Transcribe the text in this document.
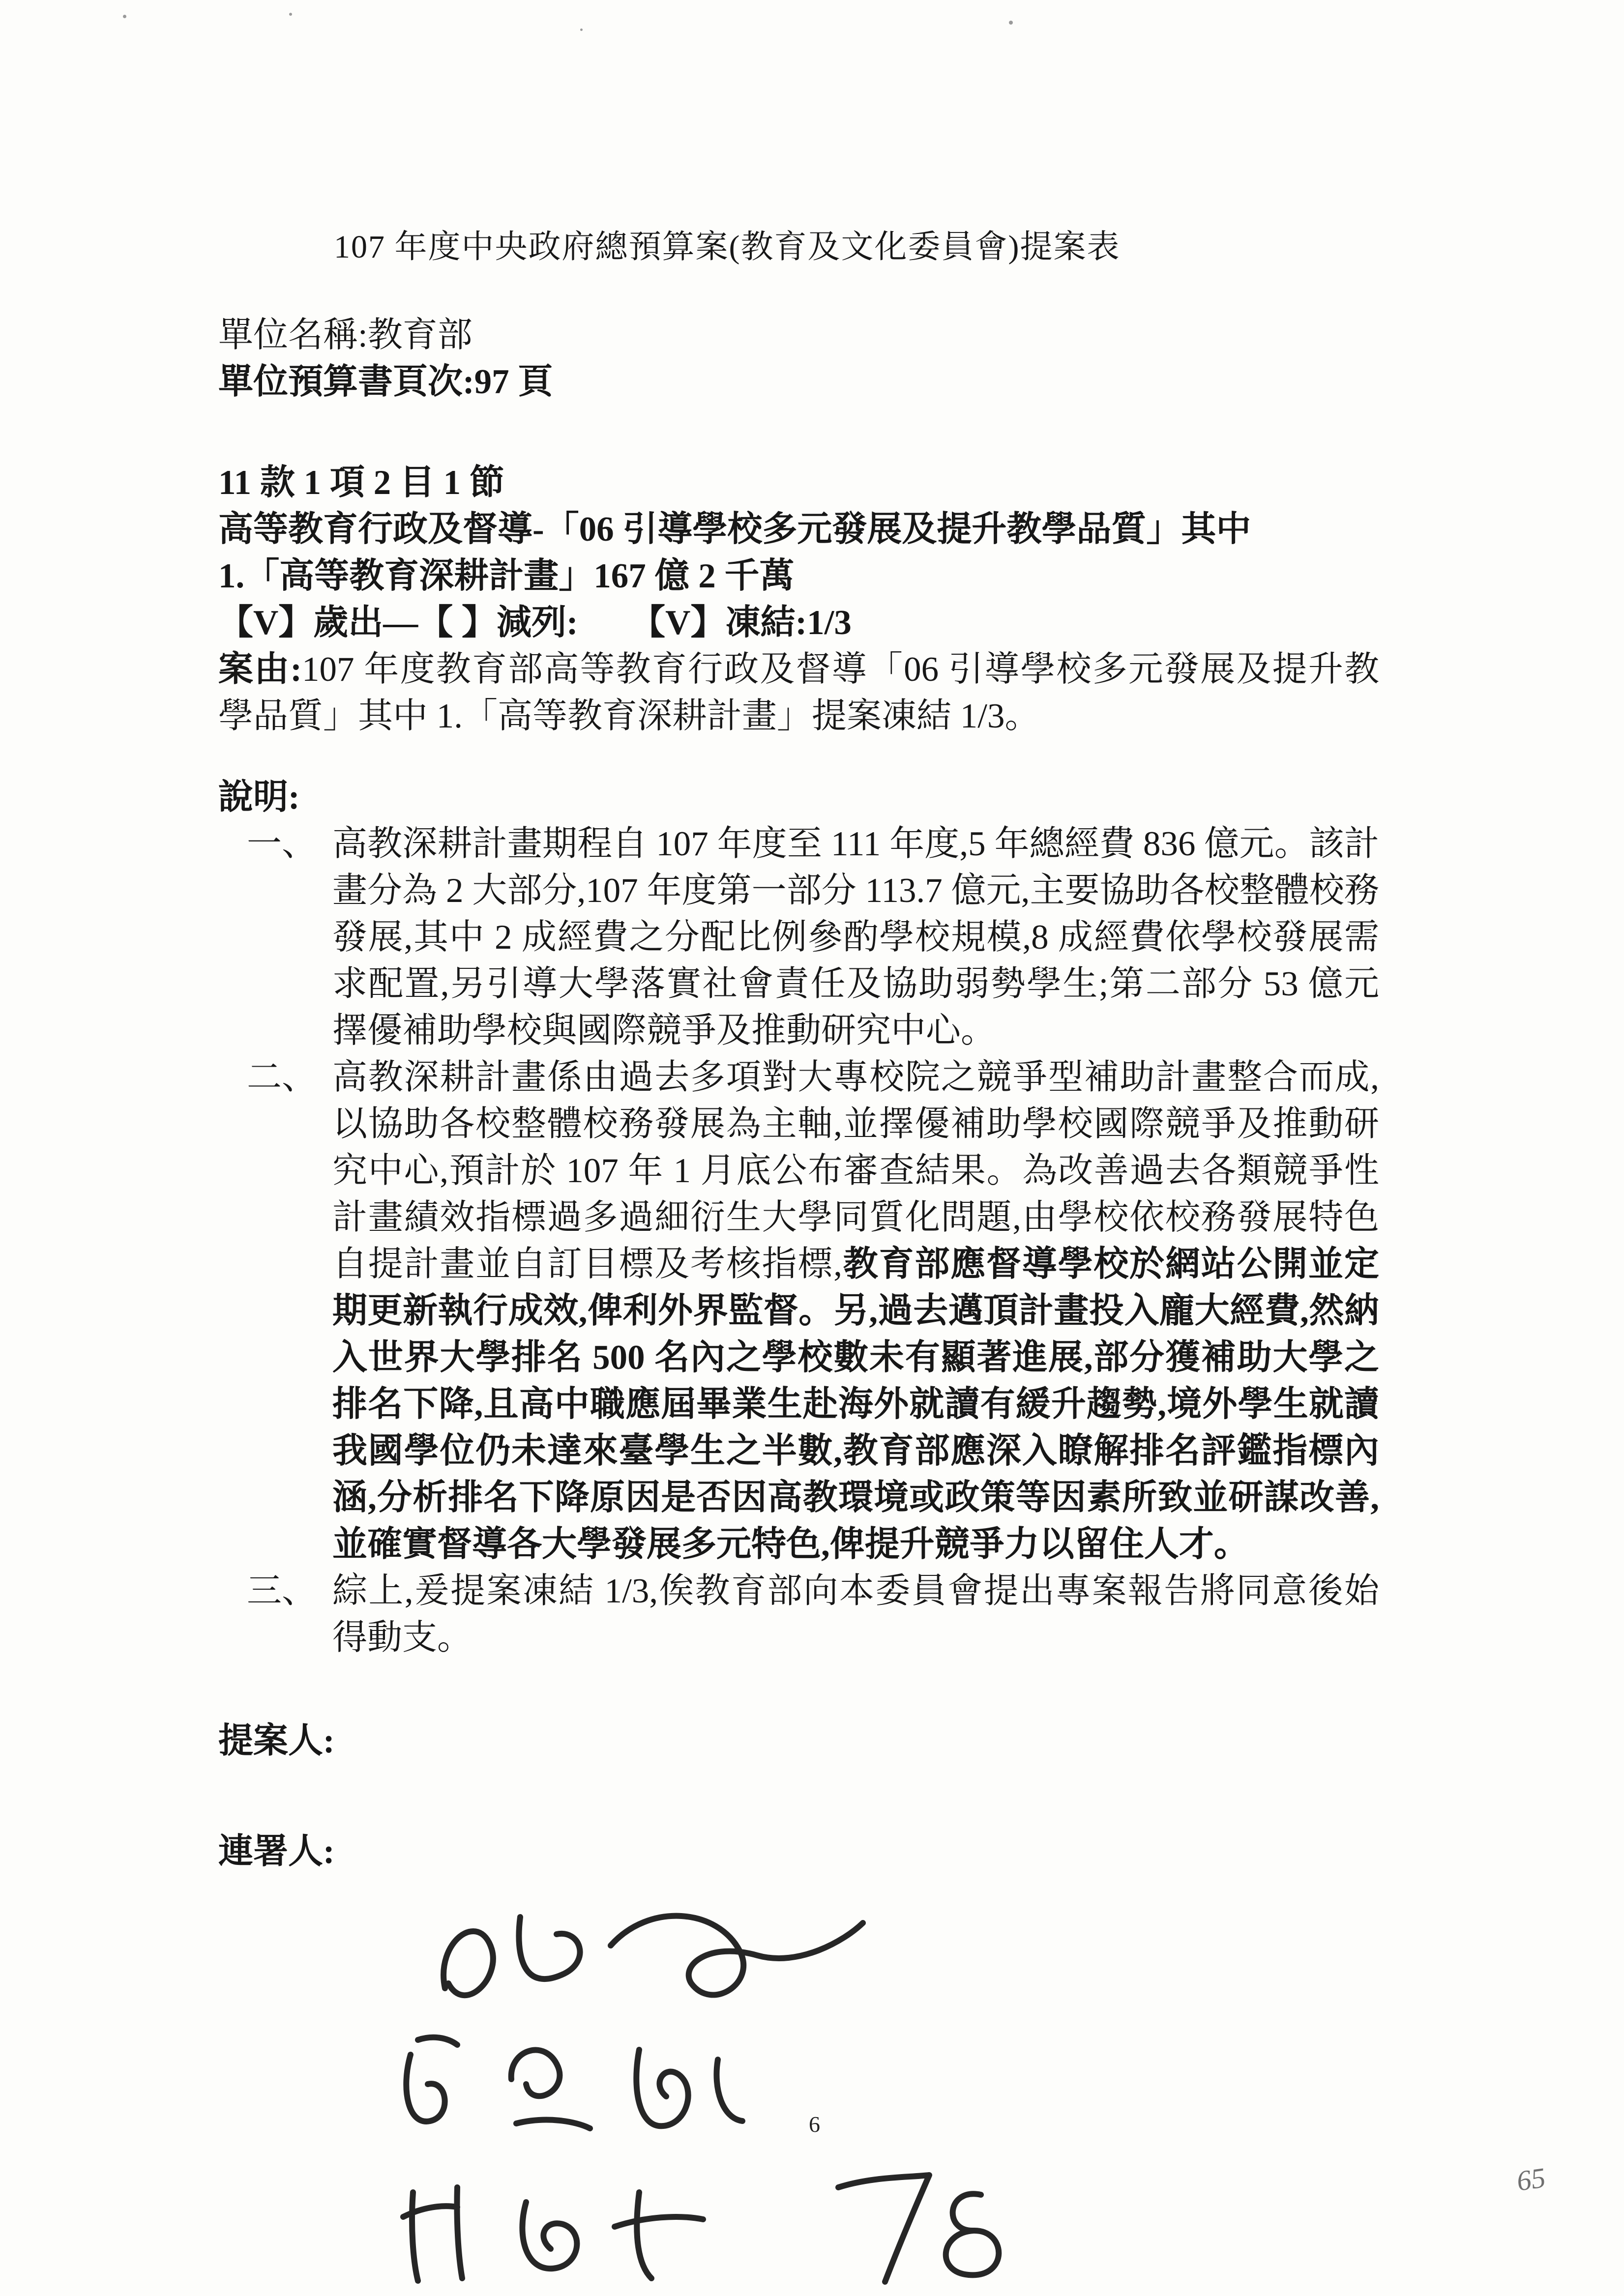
107 年度中央政府總預算案(教育及文化委員會)提案表
單位名稱:教育部
單位預算書頁次:97 頁
11 款 1 項 2 目 1 節
高等教育行政及督導-「06 引導學校多元發展及提升教學品質」其中
1.「高等教育深耕計畫」167 億 2 千萬
【V】歲出—【 】減列:　　【V】凍結:1/3
案由:107 年度教育部高等教育行政及督導「06 引導學校多元發展及提升教學品質」其中 1.「高等教育深耕計畫」提案凍結 1/3。
說明:
一、 高教深耕計畫期程自 107 年度至 111 年度,5 年總經費 836 億元。該計畫分為 2 大部分,107 年度第一部分 113.7 億元,主要協助各校整體校務發展,其中 2 成經費之分配比例參酌學校規模,8 成經費依學校發展需求配置,另引導大學落實社會責任及協助弱勢學生;第二部分 53 億元擇優補助學校與國際競爭及推動研究中心。
二、 高教深耕計畫係由過去多項對大專校院之競爭型補助計畫整合而成,以協助各校整體校務發展為主軸,並擇優補助學校國際競爭及推動研究中心,預計於 107 年 1 月底公布審查結果。為改善過去各類競爭性計畫績效指標過多過細衍生大學同質化問題,由學校依校務發展特色自提計畫並自訂目標及考核指標,教育部應督導學校於網站公開並定期更新執行成效,俾利外界監督。另,過去邁頂計畫投入龐大經費,然納入世界大學排名 500 名內之學校數未有顯著進展,部分獲補助大學之排名下降,且高中職應屆畢業生赴海外就讀有緩升趨勢,境外學生就讀我國學位仍未達來臺學生之半數,教育部應深入瞭解排名評鑑指標內涵,分析排名下降原因是否因高教環境或政策等因素所致並研謀改善,並確實督導各大學發展多元特色,俾提升競爭力以留住人才。
三、 綜上,爰提案凍結 1/3,俟教育部向本委員會提出專案報告將同意後始得動支。
提案人:
連署人:
6
65
